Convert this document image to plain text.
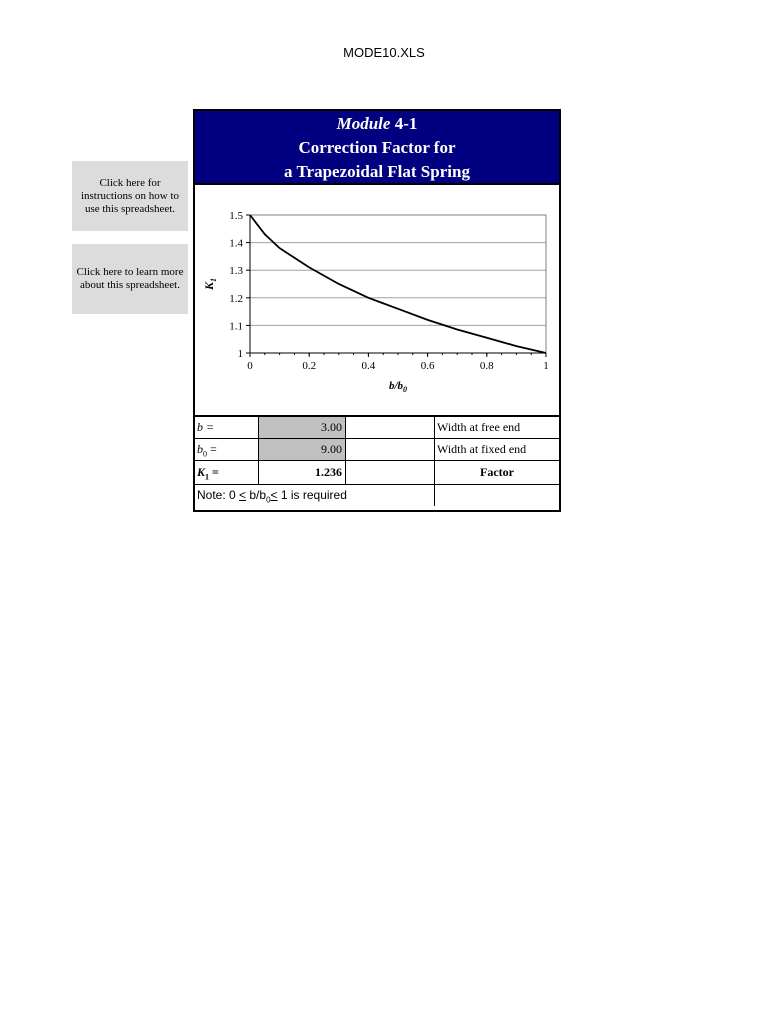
MODE10.XLS
Click here for instructions on how to use this spreadsheet.
Click here to learn more about this spreadsheet.
Module 4-1
Correction Factor for
a Trapezoidal Flat Spring
1
1.1
1.2
1.3
1.4
1.5
0	0.2	0.4	0.6	0.8	1
$b/b_0$
$K_1$
b =	3.00	Width at free end
$b_0$ =	9.00	Width at fixed end
$K_1$ =	1.236	Factor
Note: $0 < b/b_0< 1$ is required
